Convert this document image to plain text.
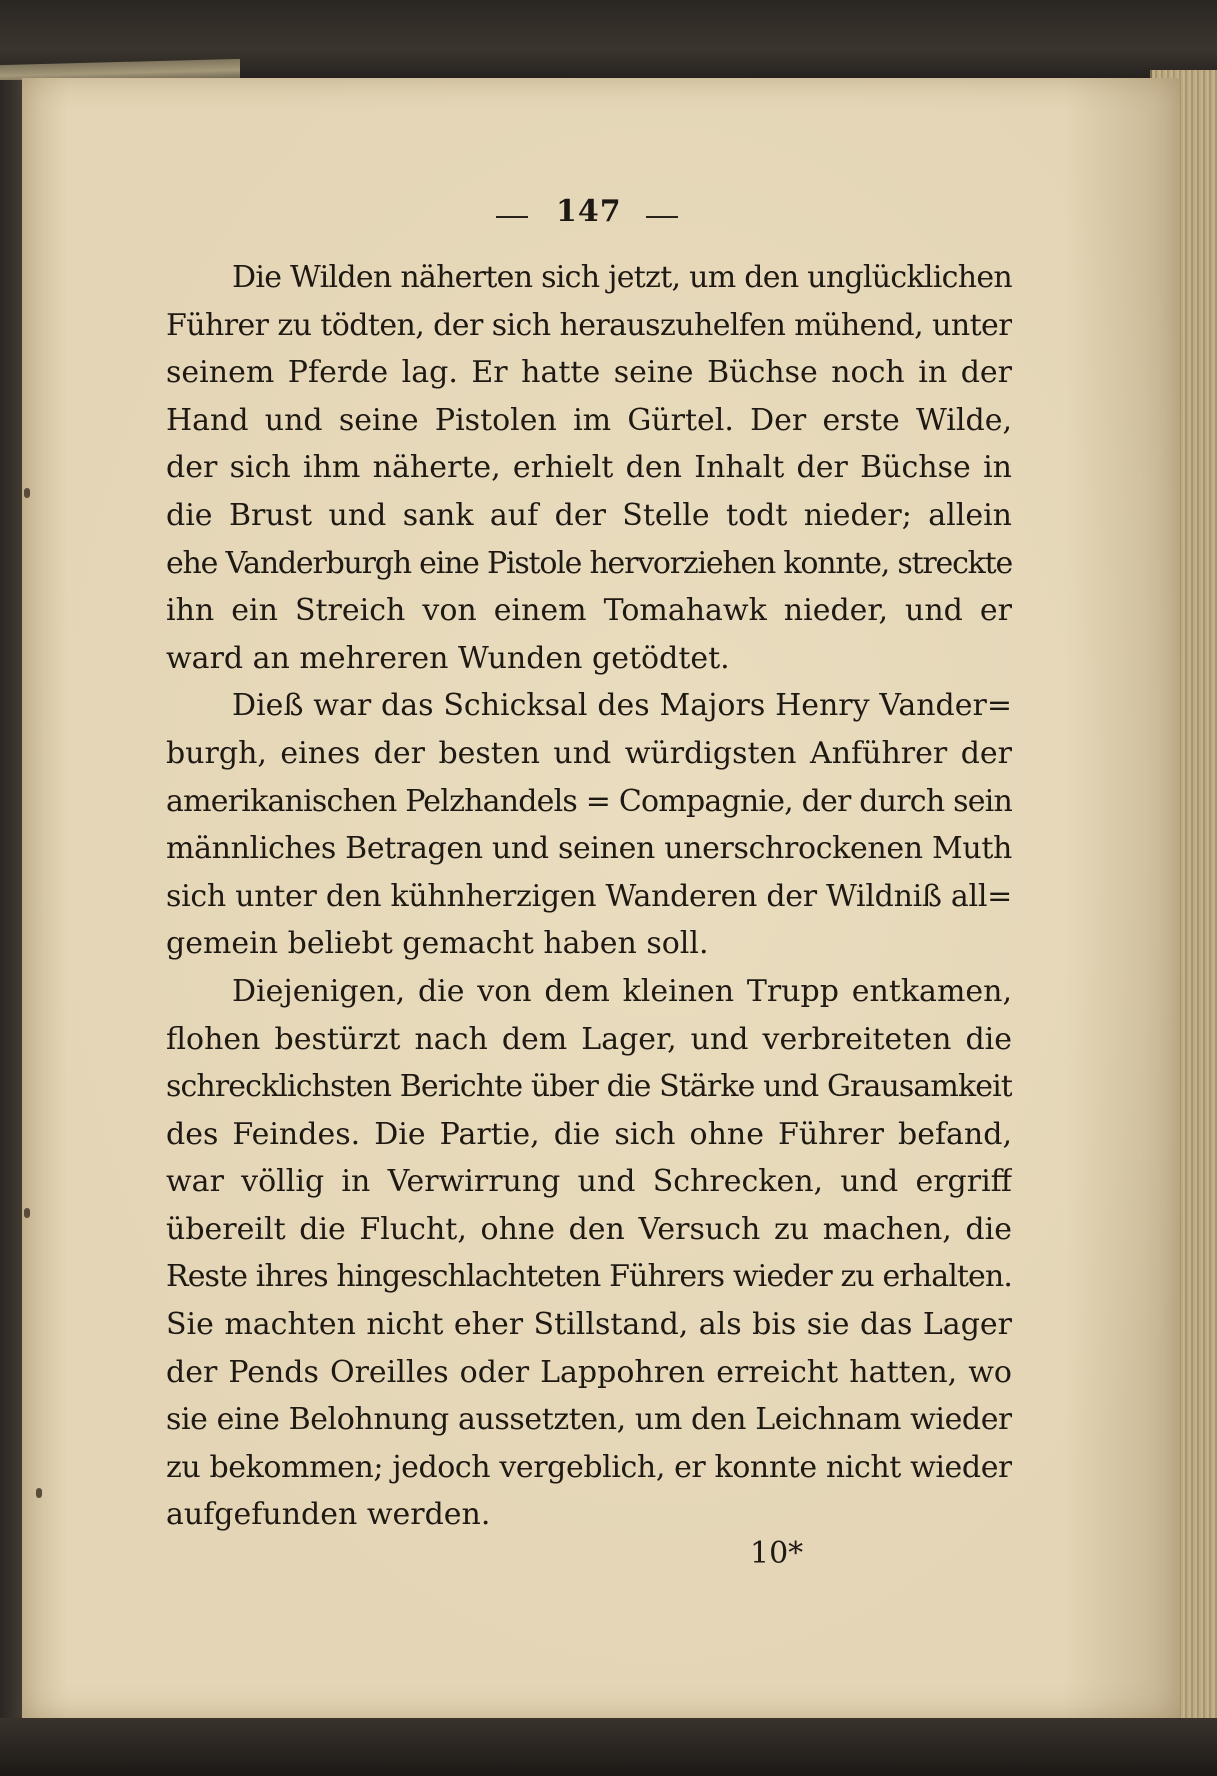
147
Die Wilden näherten sich jetzt, um den unglücklichen
Führer zu tödten, der sich herauszuhelfen mühend, unter
seinem Pferde lag. Er hatte seine Büchse noch in der
Hand und seine Pistolen im Gürtel. Der erste Wilde,
der sich ihm näherte, erhielt den Inhalt der Büchse in
die Brust und sank auf der Stelle todt nieder; allein
ehe Vanderburgh eine Pistole hervorziehen konnte, streckte
ihn ein Streich von einem Tomahawk nieder, und er
ward an mehreren Wunden getödtet.
Dieß war das Schicksal des Majors Henry Vander=
burgh, eines der besten und würdigsten Anführer der
amerikanischen Pelzhandels = Compagnie, der durch sein
männliches Betragen und seinen unerschrockenen Muth
sich unter den kühnherzigen Wanderen der Wildniß all=
gemein beliebt gemacht haben soll.
Diejenigen, die von dem kleinen Trupp entkamen,
flohen bestürzt nach dem Lager, und verbreiteten die
schrecklichsten Berichte über die Stärke und Grausamkeit
des Feindes. Die Partie, die sich ohne Führer befand,
war völlig in Verwirrung und Schrecken, und ergriff
übereilt die Flucht, ohne den Versuch zu machen, die
Reste ihres hingeschlachteten Führers wieder zu erhalten.
Sie machten nicht eher Stillstand, als bis sie das Lager
der Pends Oreilles oder Lappohren erreicht hatten, wo
sie eine Belohnung aussetzten, um den Leichnam wieder
zu bekommen; jedoch vergeblich, er konnte nicht wieder
aufgefunden werden.
10*
